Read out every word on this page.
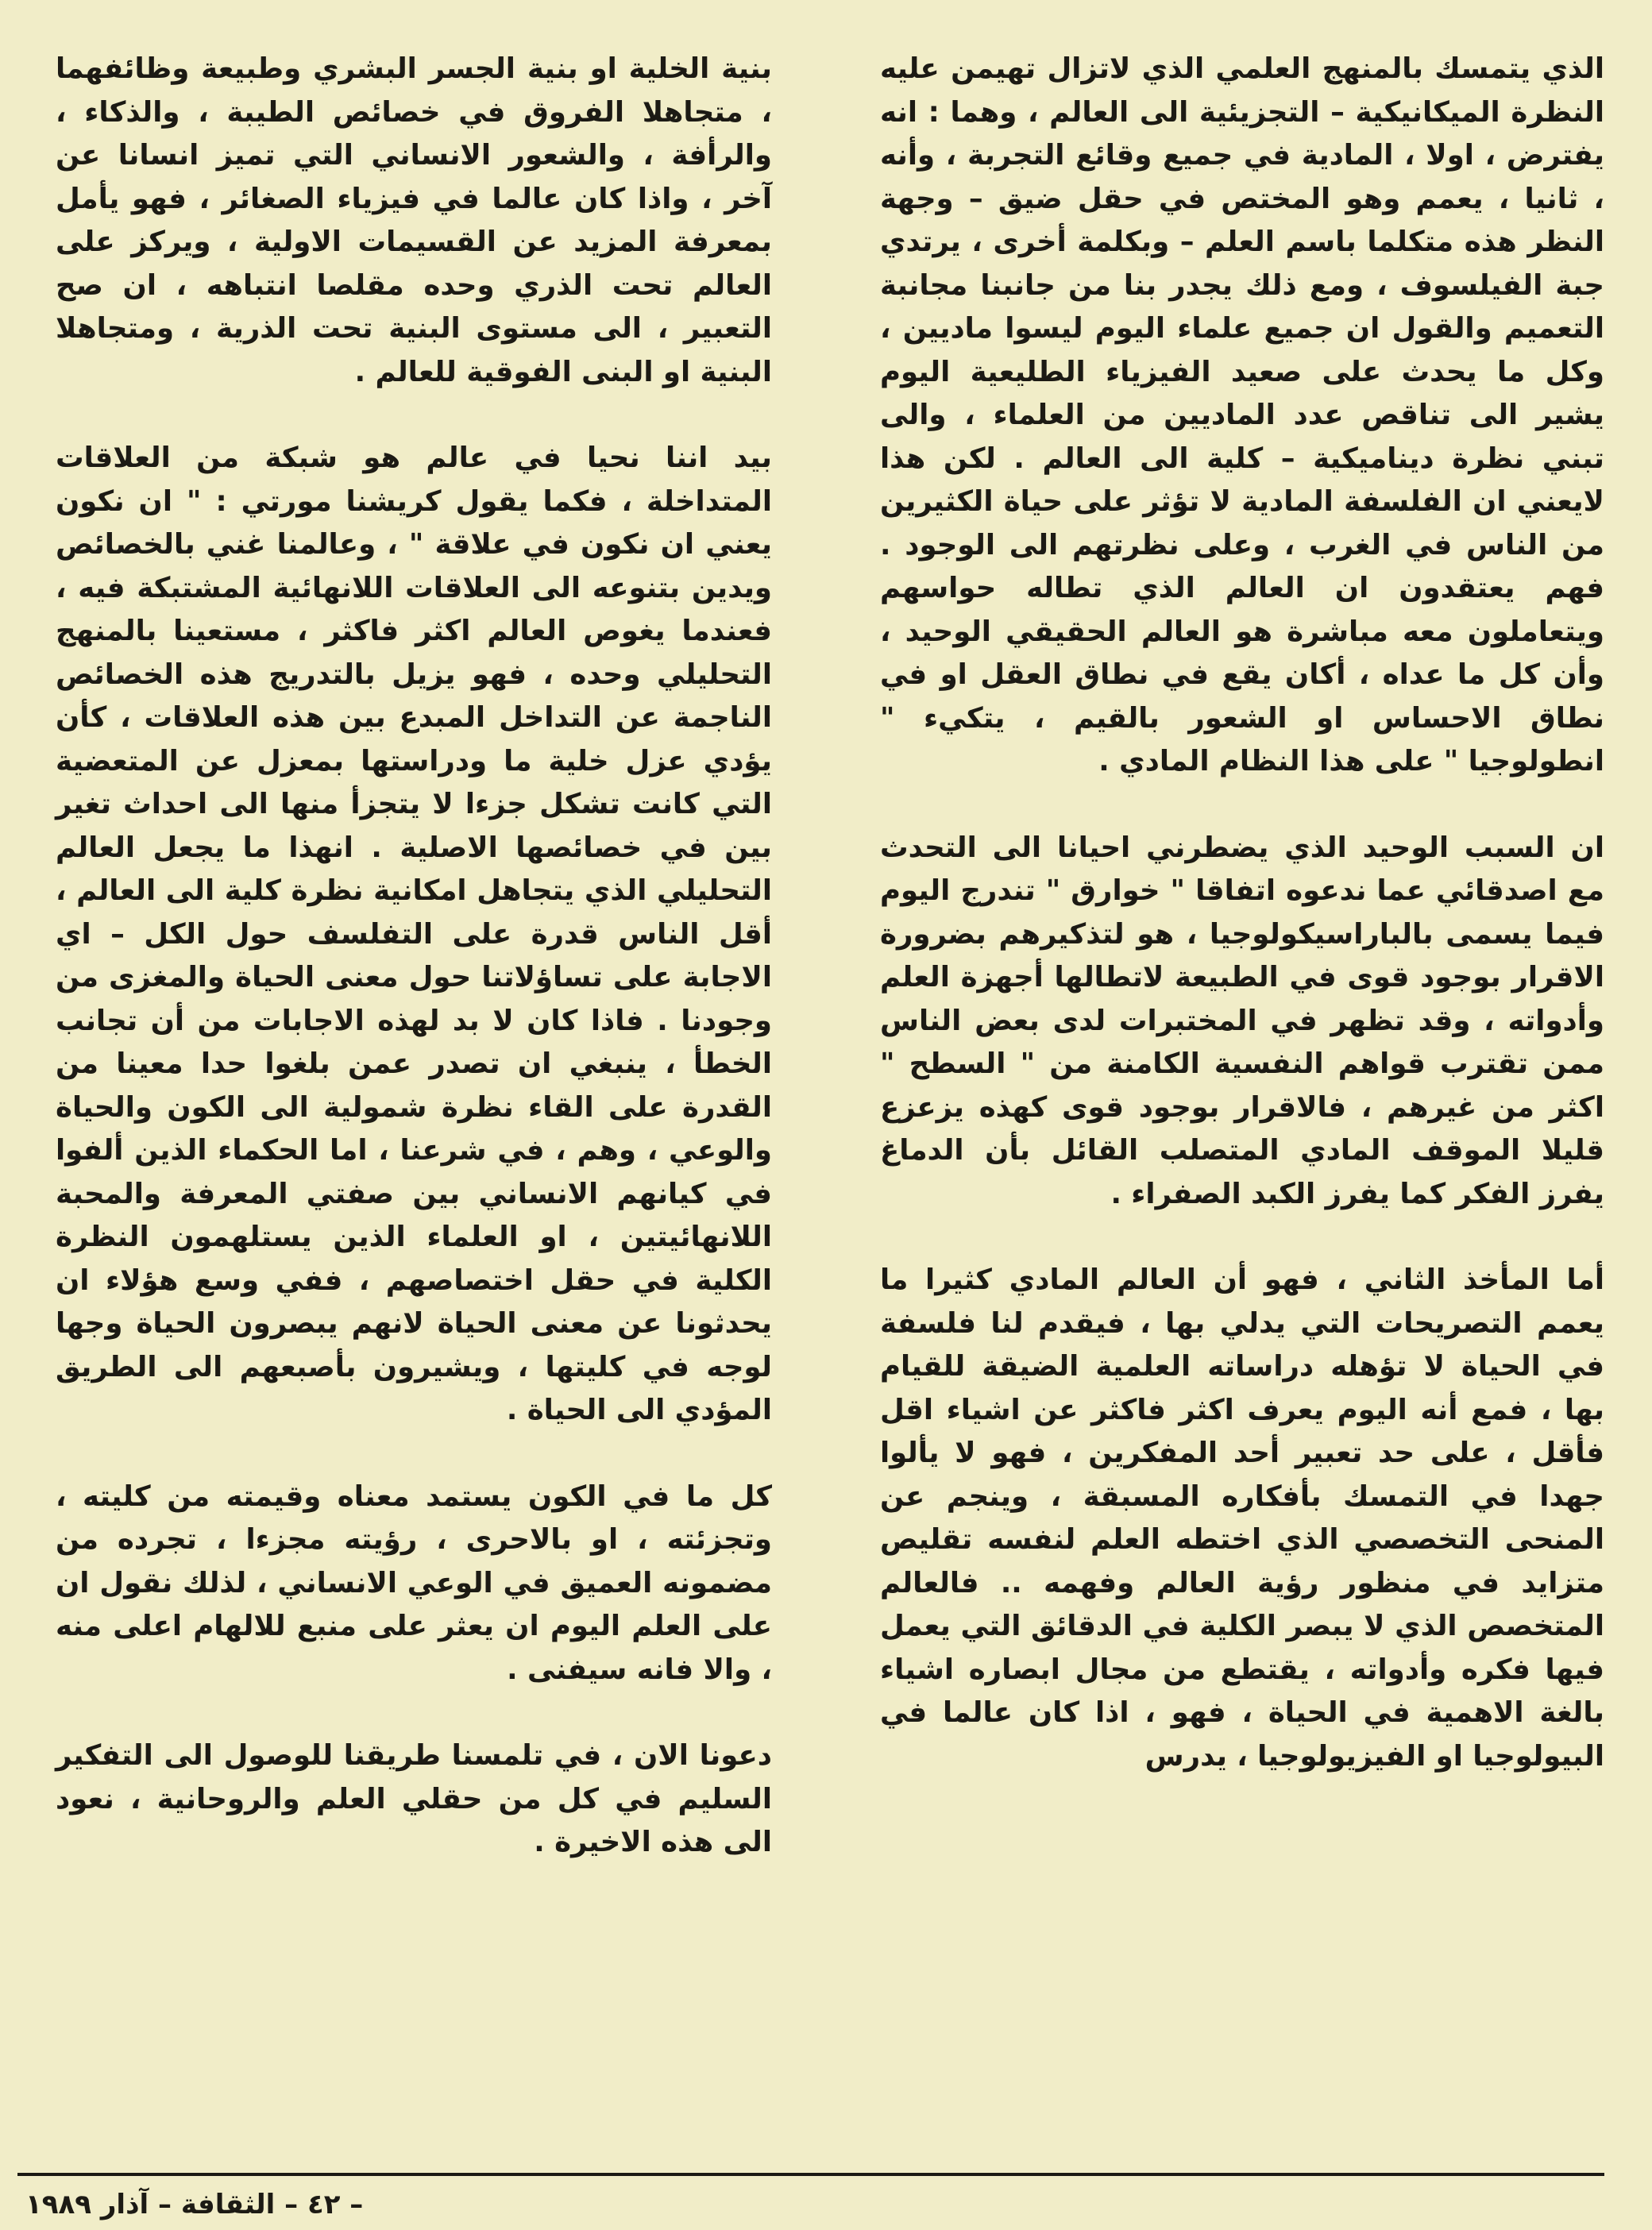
الذي يتمسك بالمنهج العلمي الذي لاتزال تهيمن عليه النظرة الميكانيكية – التجزيئية الى العالم ، وهما : انه يفترض ، اولا ، المادية في جميع وقائع التجربة ، وأنه ، ثانيا ، يعمم وهو المختص في حقل ضيق – وجهة النظر هذه متكلما باسم العلم – وبكلمة أخرى ، يرتدي جبة الفيلسوف ، ومع ذلك يجدر بنا من جانبنا مجانبة التعميم والقول ان جميع علماء اليوم ليسوا ماديين ، وكل ما يحدث على صعيد الفيزياء الطليعية اليوم يشير الى تناقص عدد الماديين من العلماء ، والى تبني نظرة ديناميكية – كلية الى العالم . لكن هذا لايعني ان الفلسفة المادية لا تؤثر على حياة الكثيرين من الناس في الغرب ، وعلى نظرتهم الى الوجود . فهم يعتقدون ان العالم الذي تطاله حواسهم ويتعاملون معه مباشرة هو العالم الحقيقي الوحيد ، وأن كل ما عداه ، أكان يقع في نطاق العقل او في نطاق الاحساس او الشعور بالقيم ، يتكيء " انطولوجيا " على هذا النظام المادي .

ان السبب الوحيد الذي يضطرني احيانا الى التحدث مع اصدقائي عما ندعوه اتفاقا " خوارق " تندرج اليوم فيما يسمى بالباراسيكولوجيا ، هو لتذكيرهم بضرورة الاقرار بوجود قوى في الطبيعة لاتطالها أجهزة العلم وأدواته ، وقد تظهر في المختبرات لدى بعض الناس ممن تقترب قواهم النفسية الكامنة من " السطح " اكثر من غيرهم ، فالاقرار بوجود قوى كهذه يزعزع قليلا الموقف المادي المتصلب القائل بأن الدماغ يفرز الفكر كما يفرز الكبد الصفراء .

أما المأخذ الثاني ، فهو أن العالم المادي كثيرا ما يعمم التصريحات التي يدلي بها ، فيقدم لنا فلسفة في الحياة لا تؤهله دراساته العلمية الضيقة للقيام بها ، فمع أنه اليوم يعرف اكثر فاكثر عن اشياء اقل فأقل ، على حد تعبير أحد المفكرين ، فهو لا يألوا جهدا في التمسك بأفكاره المسبقة ، وينجم عن المنحى التخصصي الذي اختطه العلم لنفسه تقليص متزايد في منظور رؤية العالم وفهمه .. فالعالم المتخصص الذي لا يبصر الكلية في الدقائق التي يعمل فيها فكره وأدواته ، يقتطع من مجال ابصاره اشياء بالغة الاهمية في الحياة ، فهو ، اذا كان عالما في البيولوجيا او الفيزيولوجيا ، يدرس

بنية الخلية او بنية الجسر البشري وطبيعة وظائفهما ، متجاهلا الفروق في خصائص الطيبة ، والذكاء ، والرأفة ، والشعور الانساني التي تميز انسانا عن آخر ، واذا كان عالما في فيزياء الصغائر ، فهو يأمل بمعرفة المزيد عن القسيمات الاولية ، ويركز على العالم تحت الذري وحده مقلصا انتباهه ، ان صح التعبير ، الى مستوى البنية تحت الذرية ، ومتجاهلا البنية او البنى الفوقية للعالم .

بيد اننا نحيا في عالم هو شبكة من العلاقات المتداخلة ، فكما يقول كريشنا مورتي : " ان نكون يعني ان نكون في علاقة " ، وعالمنا غني بالخصائص ويدين بتنوعه الى العلاقات اللانهائية المشتبكة فيه ، فعندما يغوص العالم اكثر فاكثر ، مستعينا بالمنهج التحليلي وحده ، فهو يزيل بالتدريج هذه الخصائص الناجمة عن التداخل المبدع بين هذه العلاقات ، كأن يؤدي عزل خلية ما ودراستها بمعزل عن المتعضية التي كانت تشكل جزءا لا يتجزأ منها الى احداث تغير بين في خصائصها الاصلية . انهذا ما يجعل العالم التحليلي الذي يتجاهل امكانية نظرة كلية الى العالم ، أقل الناس قدرة على التفلسف حول الكل – اي الاجابة على تساؤلاتنا حول معنى الحياة والمغزى من وجودنا . فاذا كان لا بد لهذه الاجابات من أن تجانب الخطأ ، ينبغي ان تصدر عمن بلغوا حدا معينا من القدرة على القاء نظرة شمولية الى الكون والحياة والوعي ، وهم ، في شرعنا ، اما الحكماء الذين ألفوا في كيانهم الانساني بين صفتي المعرفة والمحبة اللانهائيتين ، او العلماء الذين يستلهمون النظرة الكلية في حقل اختصاصهم ، ففي وسع هؤلاء ان يحدثونا عن معنى الحياة لانهم يبصرون الحياة وجها لوجه في كليتها ، ويشيرون بأصبعهم الى الطريق المؤدي الى الحياة .

كل ما في الكون يستمد معناه وقيمته من كليته ، وتجزئته ، او بالاحرى ، رؤيته مجزءا ، تجرده من مضمونه العميق في الوعي الانساني ، لذلك نقول ان على العلم اليوم ان يعثر على منبع للالهام اعلى منه ، والا فانه سيفنى .

دعونا الان ، في تلمسنا طريقنا للوصول الى التفكير السليم في كل من حقلي العلم والروحانية ، نعود الى هذه الاخيرة .

– ٤٢ – الثقافة – آذار ١٩٨٩
